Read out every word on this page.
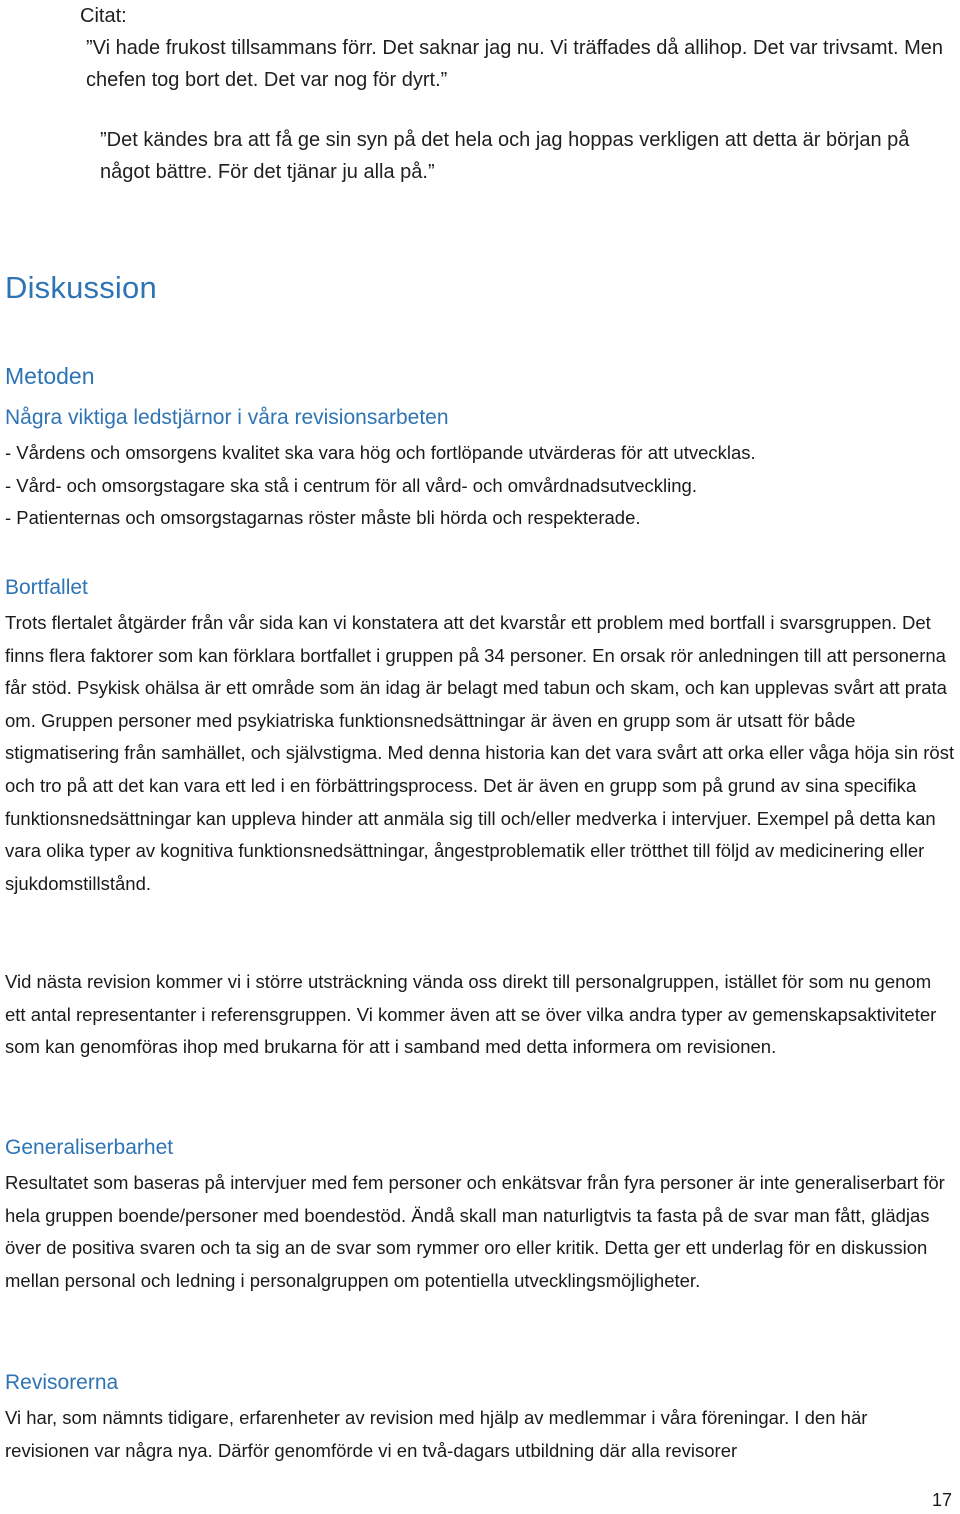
Citat:

”Vi hade frukost tillsammans förr. Det saknar jag nu. Vi träffades då allihop. Det var trivsamt. Men chefen tog bort det. Det var nog för dyrt.”

”Det kändes bra att få ge sin syn på det hela och jag hoppas verkligen att detta är början på något bättre. För det tjänar ju alla på.”

Diskussion
Metoden
Några viktiga ledstjärnor i våra revisionsarbeten
- Vårdens och omsorgens kvalitet ska vara hög och fortlöpande utvärderas för att utvecklas.
- Vård- och omsorgstagare ska stå i centrum för all vård- och omvårdnadsutveckling.
- Patienternas och omsorgstagarnas röster måste bli hörda och respekterade.
Bortfallet

Trots flertalet åtgärder från vår sida kan vi konstatera att det kvarstår ett problem med bortfall i svarsgruppen. Det finns flera faktorer som kan förklara bortfallet i gruppen på 34 personer. En orsak rör anledningen till att personerna får stöd. Psykisk ohälsa är ett område som än idag är belagt med tabun och skam, och kan upplevas svårt att prata om. Gruppen personer med psykiatriska funktionsnedsättningar är även en grupp som är utsatt för både stigmatisering från samhället, och självstigma. Med denna historia kan det vara svårt att orka eller våga höja sin röst och tro på att det kan vara ett led i en förbättringsprocess. Det är även en grupp som på grund av sina specifika funktionsnedsättningar kan uppleva hinder att anmäla sig till och/eller medverka i intervjuer. Exempel på detta kan vara olika typer av kognitiva funktionsnedsättningar, ångestproblematik eller trötthet till följd av medicinering eller sjukdomstillstånd.

Vid nästa revision kommer vi i större utsträckning vända oss direkt till personalgruppen, istället för som nu genom ett antal representanter i referensgruppen. Vi kommer även att se över vilka andra typer av gemenskapsaktiviteter som kan genomföras ihop med brukarna för att i samband med detta informera om revisionen.

Generaliserbarhet

Resultatet som baseras på intervjuer med fem personer och enkätsvar från fyra personer är inte generaliserbart för hela gruppen boende/personer med boendestöd. Ändå skall man naturligtvis ta fasta på de svar man fått, glädjas över de positiva svaren och ta sig an de svar som rymmer oro eller kritik. Detta ger ett underlag för en diskussion mellan personal och ledning i personalgruppen om potentiella utvecklingsmöjligheter.

Revisorerna

Vi har, som nämnts tidigare, erfarenheter av revision med hjälp av medlemmar i våra föreningar. I den här revisionen var några nya. Därför genomförde vi en två-dagars utbildning där alla revisorer

17
